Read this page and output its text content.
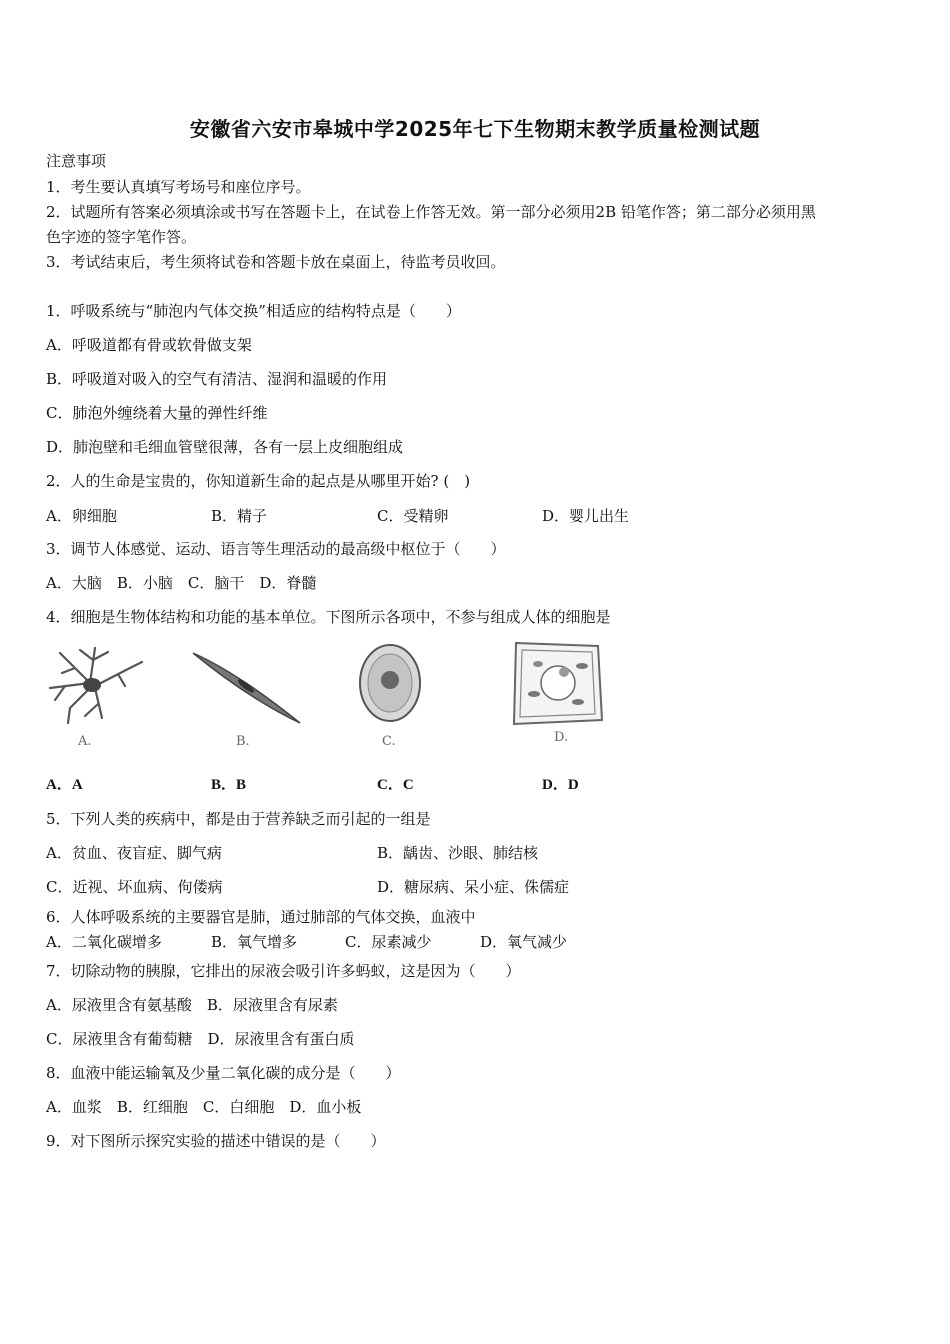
安徽省六安市皋城中学2025年七下生物期末教学质量检测试题
注意事项
1．考生要认真填写考场号和座位序号。
2．试题所有答案必须填涂或书写在答题卡上，在试卷上作答无效。第一部分必须用2B 铅笔作答；第二部分必须用黑
色字迹的签字笔作答。
3．考试结束后，考生须将试卷和答题卡放在桌面上，待监考员收回。
1．呼吸系统与“肺泡内气体交换”相适应的结构特点是（　　）
A．呼吸道都有骨或软骨做支架
B．呼吸道对吸入的空气有清洁、湿润和温暖的作用
C．肺泡外缠绕着大量的弹性纤维
D．肺泡壁和毛细血管壁很薄，各有一层上皮细胞组成
2．人的生命是宝贵的，你知道新生命的起点是从哪里开始? (　)
A．卵细胞	B．精子	C．受精卵	D．婴儿出生
3．调节人体感觉、运动、语言等生理活动的最高级中枢位于（　　）
A．大脑　B．小脑　C．脑干　D．脊髓
4．细胞是生物体结构和功能的基本单位。下图所示各项中，不参与组成人体的细胞是
A.	B.	C.	D.
A．A	B．B	C．C	D．D
5．下列人类的疾病中，都是由于营养缺乏而引起的一组是
A．贫血、夜盲症、脚气病	B．龋齿、沙眼、肺结核
C．近视、坏血病、佝偻病	D．糖尿病、呆小症、侏儒症
6．人体呼吸系统的主要器官是肺，通过肺部的气体交换，血液中
A．二氧化碳增多	B．氧气增多	C．尿素减少	D．氧气减少
7．切除动物的胰腺，它排出的尿液会吸引许多蚂蚁，这是因为（　　）
A．尿液里含有氨基酸　B．尿液里含有尿素
C．尿液里含有葡萄糖　D．尿液里含有蛋白质
8．血液中能运输氧及少量二氧化碳的成分是（　　）
A．血浆　B．红细胞　C．白细胞　D．血小板
9．对下图所示探究实验的描述中错误的是（　　）
